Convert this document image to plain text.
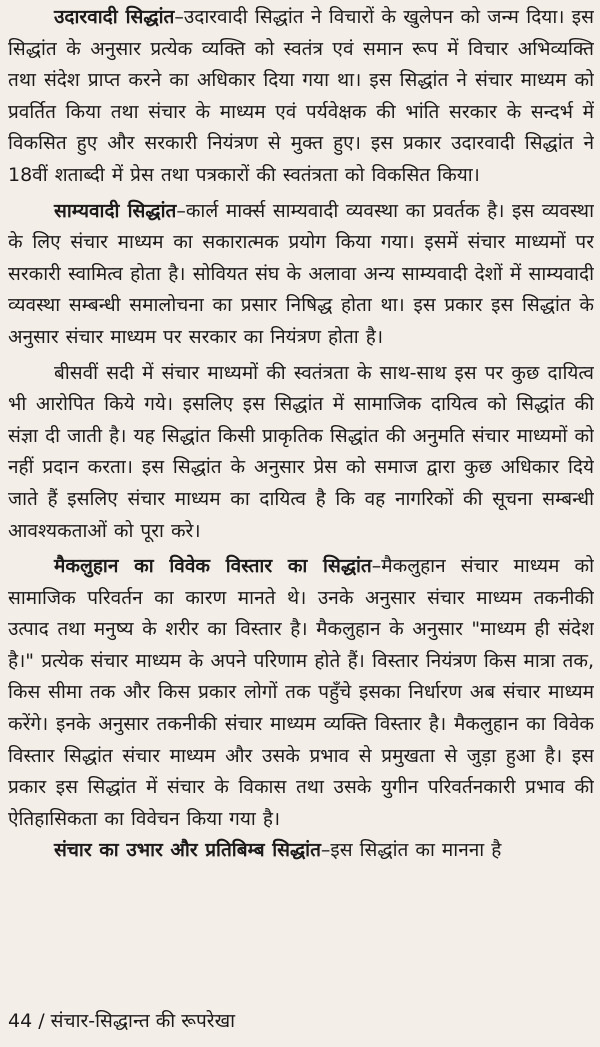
उदारवादी सिद्धांत–उदारवादी सिद्धांत ने विचारों के खुलेपन को जन्म दिया। इस सिद्धांत के अनुसार प्रत्येक व्यक्ति को स्वतंत्र एवं समान रूप में विचार अभिव्यक्ति तथा संदेश प्राप्त करने का अधिकार दिया गया था। इस सिद्धांत ने संचार माध्यम को प्रवर्तित किया तथा संचार के माध्यम एवं पर्यवेक्षक की भांति सरकार के सन्दर्भ में विकसित हुए और सरकारी नियंत्रण से मुक्त हुए। इस प्रकार उदारवादी सिद्धांत ने 18वीं शताब्दी में प्रेस तथा पत्रकारों की स्वतंत्रता को विकसित किया।

साम्यवादी सिद्धांत–कार्ल मार्क्स साम्यवादी व्यवस्था का प्रवर्तक है। इस व्यवस्था के लिए संचार माध्यम का सकारात्मक प्रयोग किया गया। इसमें संचार माध्यमों पर सरकारी स्वामित्व होता है। सोवियत संघ के अलावा अन्य साम्यवादी देशों में साम्यवादी व्यवस्था सम्बन्धी समालोचना का प्रसार निषिद्ध होता था। इस प्रकार इस सिद्धांत के अनुसार संचार माध्यम पर सरकार का नियंत्रण होता है।

बीसवीं सदी में संचार माध्यमों की स्वतंत्रता के साथ-साथ इस पर कुछ दायित्व भी आरोपित किये गये। इसलिए इस सिद्धांत में सामाजिक दायित्व को सिद्धांत की संज्ञा दी जाती है। यह सिद्धांत किसी प्राकृतिक सिद्धांत की अनुमति संचार माध्यमों को नहीं प्रदान करता। इस सिद्धांत के अनुसार प्रेस को समाज द्वारा कुछ अधिकार दिये जाते हैं इसलिए संचार माध्यम का दायित्व है कि वह नागरिकों की सूचना सम्बन्धी आवश्यकताओं को पूरा करे।

मैकलुहान का विवेक विस्तार का सिद्धांत–मैकलुहान संचार माध्यम को सामाजिक परिवर्तन का कारण मानते थे। उनके अनुसार संचार माध्यम तकनीकी उत्पाद तथा मनुष्य के शरीर का विस्तार है। मैकलुहान के अनुसार "माध्यम ही संदेश है।" प्रत्येक संचार माध्यम के अपने परिणाम होते हैं। विस्तार नियंत्रण किस मात्रा तक, किस सीमा तक और किस प्रकार लोगों तक पहुँचे इसका निर्धारण अब संचार माध्यम करेंगे। इनके अनुसार तकनीकी संचार माध्यम व्यक्ति विस्तार है। मैकलुहान का विवेक विस्तार सिद्धांत संचार माध्यम और उसके प्रभाव से प्रमुखता से जुड़ा हुआ है। इस प्रकार इस सिद्धांत में संचार के विकास तथा उसके युगीन परिवर्तनकारी प्रभाव की ऐतिहासिकता का विवेचन किया गया है।

संचार का उभार और प्रतिबिम्ब सिद्धांत–इस सिद्धांत का मानना है

44 / संचार-सिद्धान्त की रूपरेखा
